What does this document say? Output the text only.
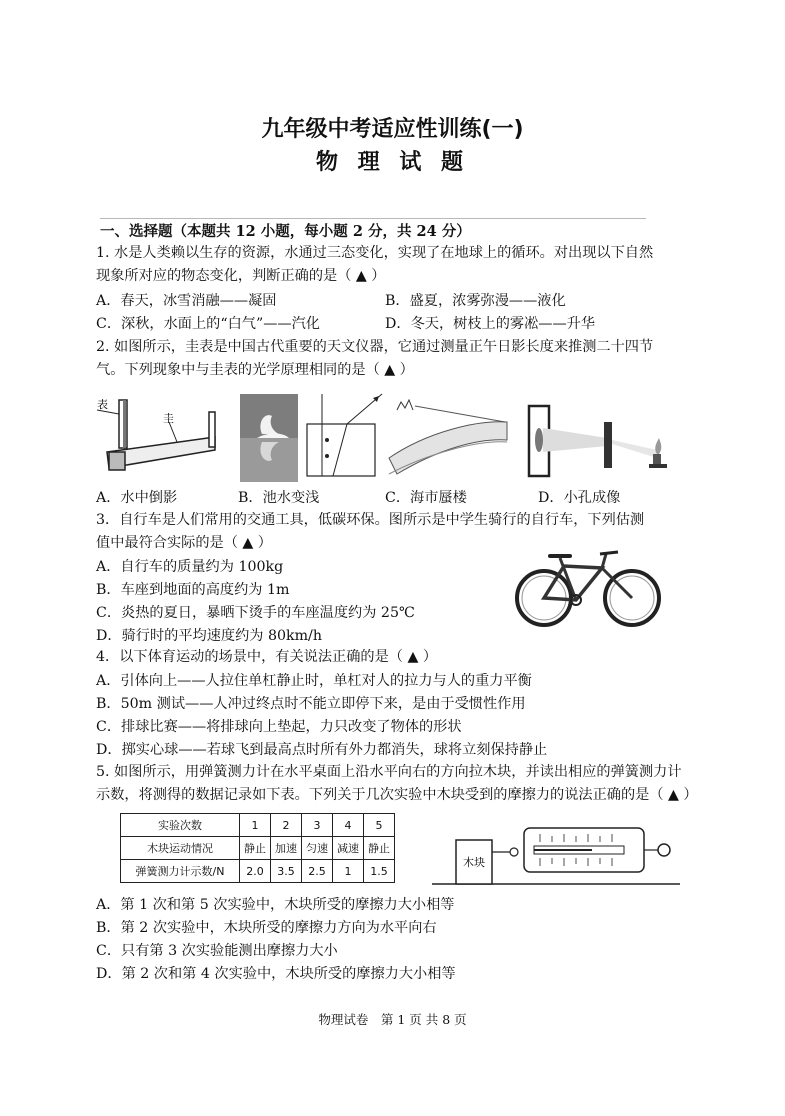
九年级中考适应性训练(一)
物 理 试 题
一、选择题（本题共 12 小题，每小题 2 分，共 24 分）
1. 水是人类赖以生存的资源，水通过三态变化，实现了在地球上的循环。对出现以下自然
现象所对应的物态变化，判断正确的是（ ▲ ）
A．春天，冰雪消融——凝固	B．盛夏，浓雾弥漫——液化
C．深秋，水面上的“白气”——汽化	D．冬天，树枝上的雾凇——升华
2. 如图所示，圭表是中国古代重要的天文仪器，它通过测量正午日影长度来推测二十四节
气。下列现象中与圭表的光学原理相同的是（ ▲ ）
表
圭
A．水中倒影	B．池水变浅	C．海市蜃楼	D．小孔成像
3．自行车是人们常用的交通工具，低碳环保。图所示是中学生骑行的自行车，下列估测
值中最符合实际的是（ ▲ ）
A．自行车的质量约为 100kg
B．车座到地面的高度约为 1m
C．炎热的夏日，暴晒下烫手的车座温度约为 25℃
D．骑行时的平均速度约为 80km/h
4．以下体育运动的场景中，有关说法正确的是（ ▲ ）
A．引体向上——人拉住单杠静止时，单杠对人的拉力与人的重力平衡
B．50m 测试——人冲过终点时不能立即停下来，是由于受惯性作用
C．排球比赛——将排球向上垫起，力只改变了物体的形状
D．掷实心球——若球飞到最高点时所有外力都消失，球将立刻保持静止
5. 如图所示，用弹簧测力计在水平桌面上沿水平向右的方向拉木块，并读出相应的弹簧测力计
示数，将测得的数据记录如下表。下列关于几次实验中木块受到的摩擦力的说法正确的是（ ▲ ）
实验次数	1	2	3	4	5
木块运动情况	静止	加速	匀速	减速	静止
弹簧测力计示数/N	2.0	3.5	2.5	1	1.5
木块
A．第 1 次和第 5 次实验中，木块所受的摩擦力大小相等
B．第 2 次实验中，木块所受的摩擦力方向为水平向右
C．只有第 3 次实验能测出摩擦力大小
D．第 2 次和第 4 次实验中，木块所受的摩擦力大小相等
物理试卷　第 1 页 共 8 页
